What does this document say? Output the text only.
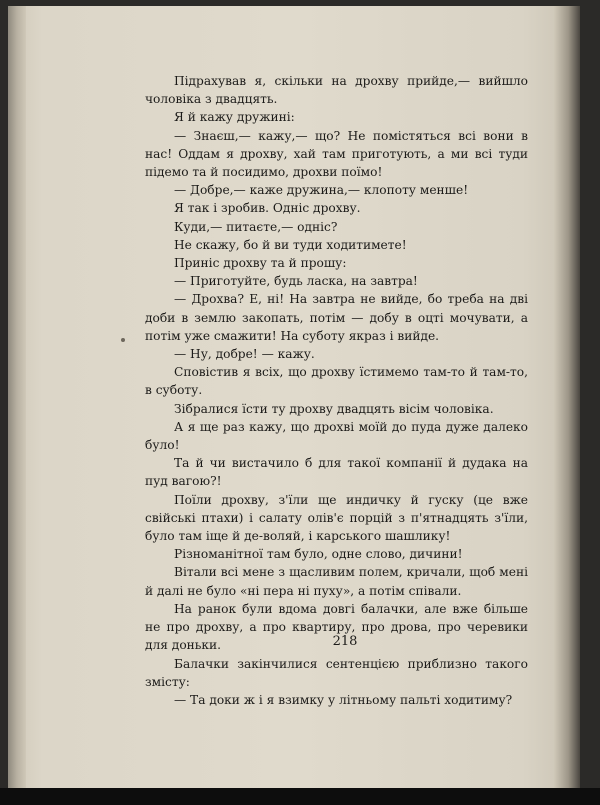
Підрахував я, скільки на дрохву прийде,— вийшло чоловіка з двадцять.

Я й кажу дружині:

— Знаєш,— кажу,— що? Не помістяться всі вони в нас! Оддам я дрохву, хай там приготують, а ми всі туди підемо та й посидимо, дрохви поїмо!

— Добре,— каже дружина,— клопоту менше!

Я так і зробив. Одніс дрохву.

Куди,— питаєте,— одніс?

Не скажу, бо й ви туди ходитимете!

Приніс дрохву та й прошу:

— Приготуйте, будь ласка, на завтра!

— Дрохва? Е, ні! На завтра не вийде, бо треба на дві доби в землю закопать, потім — добу в оцті мочувати, а потім уже смажити! На суботу якраз і вийде.

— Ну, добре! — кажу.

Сповістив я всіх, що дрохву їстимемо там-то й там-то, в суботу.

Зібралися їсти ту дрохву двадцять вісім чоловіка.

А я ще раз кажу, що дрохві моїй до пуда дуже далеко було!

Та й чи вистачило б для такої компанії й дудака на пуд вагою?!

Поїли дрохву, з'їли ще индичку й гуску (це вже свійські птахи) і салату олів'є порцій з п'ятнадцять з'їли, було там іще й де-воляй, і карського шашлику!

Різноманітної там було, одне слово, дичини!

Вітали всі мене з щасливим полем, кричали, щоб мені й далі не було «ні пера ні пуху», а потім співали.

На ранок були вдома довгі балачки, але вже більше не про дрохву, а про квартиру, про дрова, про черевики для доньки.

Балачки закінчилися сентенцією приблизно такого змісту:

— Та доки ж і я взимку у літньому пальті ходитиму?

218
